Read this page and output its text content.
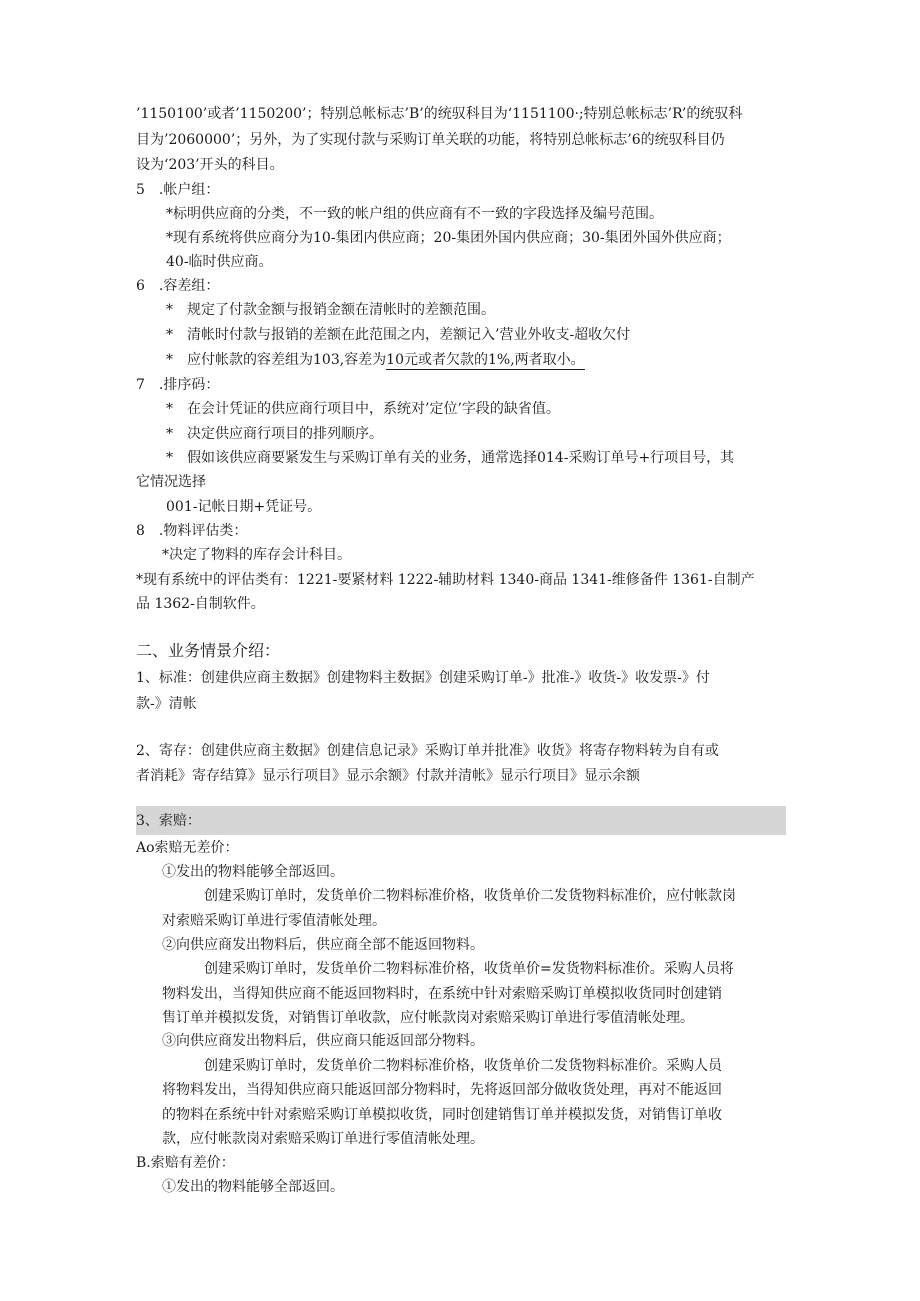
’1150100’或者’1150200’；特别总帐标志’B’的统驭科目为‘1151100·;特别总帐标志’R’的统驭科
目为’2060000’；另外，为了实现付款与采购订单关联的功能，将特别总帐标志’6的统驭科目仍
设为‘203’开头的科目。
5　.帐户组：
*标明供应商的分类，不一致的帐户组的供应商有不一致的字段选择及编号范围。
*现有系统将供应商分为10-集团内供应商；20-集团外国内供应商；30-集团外国外供应商；
40-临时供应商。
6　.容差组：
*　规定了付款金额与报销金额在清帐时的差额范围。
*　清帐时付款与报销的差额在此范围之内，差额记入’营业外收支-超收欠付
*　应付帐款的容差组为103,容差为10元或者欠款的1%,两者取小。
7　.排序码：
*　在会计凭证的供应商行项目中，系统对’定位’字段的缺省值。
*　决定供应商行项目的排列顺序。
*　假如该供应商要紧发生与采购订单有关的业务，通常选择014-采购订单号+行项目号，其
它情况选择
001-记帐日期+凭证号。
8　.物料评估类：
*决定了物料的库存会计科目。
*现有系统中的评估类有：1221-要紧材料 1222-辅助材料 1340-商品 1341-维修备件 1361-自制产
品 1362-自制软件。
二、业务情景介绍：
1、标准：创建供应商主数据》创建物料主数据》创建采购订单-》批准-》收货-》收发票-》付
款-》清帐
2、寄存：创建供应商主数据》创建信息记录》采购订单并批准》收货》将寄存物料转为自有或
者消耗》寄存结算》显示行项目》显示余额》付款并清帐》显示行项目》显示余额
3、索赔：
Ao索赔无差价：
①发出的物料能够全部返回。
创建采购订单时，发货单价二物料标准价格，收货单价二发货物料标准价，应付帐款岗
对索赔采购订单进行零值清帐处理。
②向供应商发出物料后，供应商全部不能返回物料。
创建采购订单时，发货单价二物料标准价格，收货单价=发货物料标准价。采购人员将
物料发出，当得知供应商不能返回物料时，在系统中针对索赔采购订单模拟收货同时创建销
售订单并模拟发货，对销售订单收款，应付帐款岗对索赔采购订单进行零值清帐处理。
③向供应商发出物料后，供应商只能返回部分物料。
创建采购订单时，发货单价二物料标准价格，收货单价二发货物料标准价。采购人员
将物料发出，当得知供应商只能返回部分物料时，先将返回部分做收货处理，再对不能返回
的物料在系统中针对索赔采购订单模拟收货，同时创建销售订单并模拟发货，对销售订单收
款，应付帐款岗对索赔采购订单进行零值清帐处理。
B.索赔有差价：
①发出的物料能够全部返回。
